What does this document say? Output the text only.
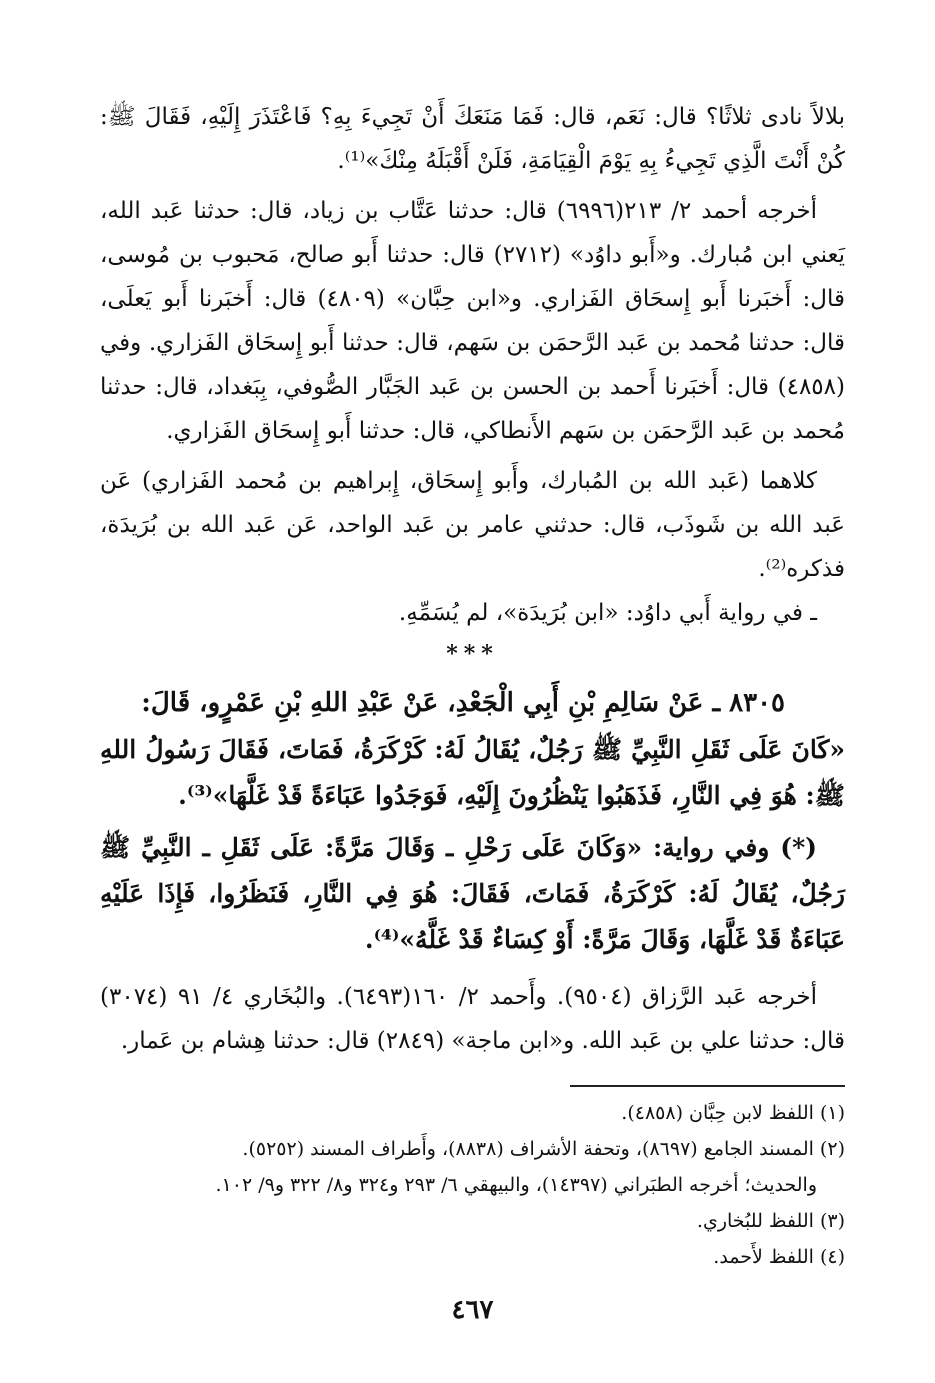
بلالاً نادى ثلاثًا؟ قال: نَعَم، قال: فَمَا مَنَعَكَ أَنْ تَجِيءَ بِهِ؟ فَاعْتَذَرَ إِلَيْهِ، فَقَالَ ﷺ: كُنْ أَنْتَ الَّذِي تَجِيءُ بِهِ يَوْمَ الْقِيَامَةِ، فَلَنْ أَقْبَلَهُ مِنْكَ»⁽¹⁾.

أخرجه أحمد ٢/ ٢١٣(٦٩٩٦) قال: حدثنا عَتَّاب بن زياد، قال: حدثنا عَبد الله، يَعني ابن مُبارك. و«أَبو داوُد» (٢٧١٢) قال: حدثنا أَبو صالح، مَحبوب بن مُوسى، قال: أَخبَرنا أَبو إِسحَاق الفَزاري. و«ابن حِبَّان» (٤٨٠٩) قال: أَخبَرنا أَبو يَعلَى، قال: حدثنا مُحمد بن عَبد الرَّحمَن بن سَهم، قال: حدثنا أَبو إِسحَاق الفَزاري. وفي (٤٨٥٨) قال: أَخبَرنا أَحمد بن الحسن بن عَبد الجَبَّار الصُّوفي، بِبَغداد، قال: حدثنا مُحمد بن عَبد الرَّحمَن بن سَهم الأَنطاكي، قال: حدثنا أَبو إِسحَاق الفَزاري.

كلاهما (عَبد الله بن المُبارك، وأَبو إِسحَاق، إِبراهيم بن مُحمد الفَزاري) عَن عَبد الله بن شَوذَب، قال: حدثني عامر بن عَبد الواحد، عَن عَبد الله بن بُرَيدَة، فذكره⁽²⁾.

ـ في رواية أَبي داوُد: «ابن بُرَيدَة»، لم يُسَمِّهِ.

***

٨٣٠٥ ـ عَنْ سَالِمِ بْنِ أَبِي الْجَعْدِ، عَنْ عَبْدِ اللهِ بْنِ عَمْرٍو، قَالَ:

«كَانَ عَلَى ثَقَلِ النَّبِيِّ ﷺ رَجُلٌ، يُقَالُ لَهُ: كَرْكَرَةُ، فَمَاتَ، فَقَالَ رَسُولُ اللهِ ﷺ: هُوَ فِي النَّارِ، فَذَهَبُوا يَنْظُرُونَ إِلَيْهِ، فَوَجَدُوا عَبَاءَةً قَدْ غَلَّهَا»⁽³⁾.

(*) وفي رواية: «وَكَانَ عَلَى رَحْلِ ـ وَقَالَ مَرَّةً: عَلَى ثَقَلِ ـ النَّبِيِّ ﷺ رَجُلٌ، يُقَالُ لَهُ: كَرْكَرَةُ، فَمَاتَ، فَقَالَ: هُوَ فِي النَّارِ، فَنَظَرُوا، فَإِذَا عَلَيْهِ عَبَاءَةٌ قَدْ غَلَّهَا، وَقَالَ مَرَّةً: أَوْ كِسَاءٌ قَدْ غَلَّهُ»⁽⁴⁾.

أخرجه عَبد الرَّزاق (٩٥٠٤). وأَحمد ٢/ ١٦٠(٦٤٩٣). والبُخَاري ٤/ ٩١ (٣٠٧٤) قال: حدثنا علي بن عَبد الله. و«ابن ماجة» (٢٨٤٩) قال: حدثنا هِشام بن عَمار.

(١) اللفظ لابن حِبَّان (٤٨٥٨).

(٢) المسند الجامع (٨٦٩٧)، وتحفة الأشراف (٨٨٣٨)، وأَطراف المسند (٥٢٥٢).

والحديث؛ أخرجه الطبَراني (١٤٣٩٧)، والبيهقي ٦/ ٢٩٣ و٣٢٤ و٨/ ٣٢٢ و٩/ ١٠٢.

(٣) اللفظ للبُخاري.

(٤) اللفظ لأَحمد.

٤٦٧
